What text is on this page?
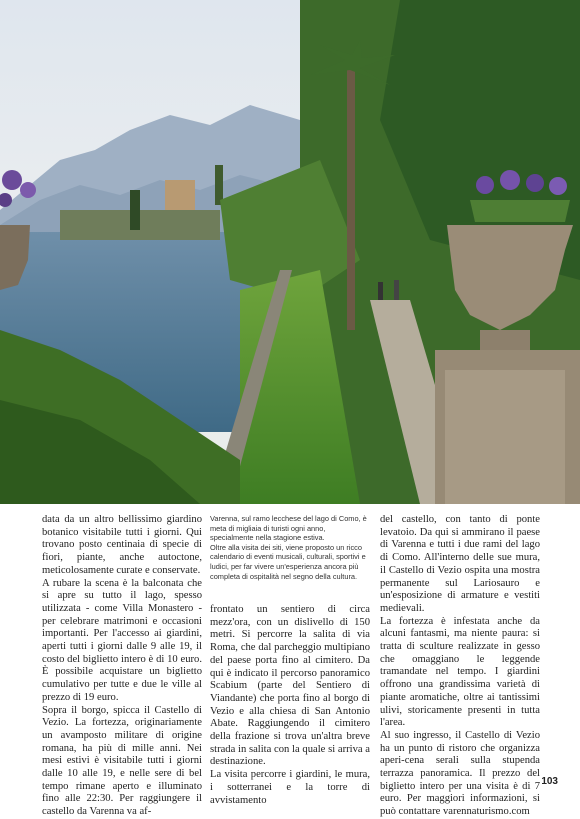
data da un altro bellissimo giardino botanico visitabile tutti i giorni. Qui trovano posto centinaia di specie di fiori, piante, anche autoctone, meticolosamente curate e conservate.

A rubare la scena è la balconata che si apre su tutto il lago, spesso utilizzata - come Villa Monastero - per celebrare matrimoni e occasioni importanti. Per l'accesso ai giardini, aperti tutti i giorni dalle 9 alle 19, il costo del biglietto intero è di 10 euro. È possibile acquistare un biglietto cumulativo per tutte e due le ville al prezzo di 19 euro.

Sopra il borgo, spicca il Castello di Vezio. La fortezza, originariamente un avamposto militare di origine romana, ha più di mille anni. Nei mesi estivi è visitabile tutti i giorni dalle 10 alle 19, e nelle sere di bel tempo rimane aperto e illuminato fino alle 22:30. Per raggiungere il castello da Varenna va af-

Varenna, sul ramo lecchese del lago di Como, è meta di migliaia di turisti ogni anno, specialmente nella stagione estiva.

Oltre alla visita dei siti, viene proposto un ricco calendario di eventi musicali, culturali, sportivi e ludici, per far vivere un'esperienza ancora più completa di ospitalità nel segno della cultura.

frontato un sentiero di circa mezz'ora, con un dislivello di 150 metri. Si percorre la salita di via Roma, che dal parcheggio multipiano del paese porta fino al cimitero. Da qui è indicato il percorso panoramico Scabium (parte del Sentiero di Viandante) che porta fino al borgo di Vezio e alla chiesa di San Antonio Abate. Raggiungendo il cimitero della frazione si trova un'altra breve strada in salita con la quale si arriva a destinazione.

La visita percorre i giardini, le mura, i sotterranei e la torre di avvistamento

del castello, con tanto di ponte levatoio. Da qui si ammirano il paese di Varenna e tutti i due rami del lago di Como. All'interno delle sue mura, il Castello di Vezio ospita una mostra permanente sul Lariosauro e un'esposizione di armature e vestiti medievali.

La fortezza è infestata anche da alcuni fantasmi, ma niente paura: si tratta di sculture realizzate in gesso che omaggiano le leggende tramandate nel tempo. I giardini offrono una grandissima varietà di piante aromatiche, oltre ai tantissimi ulivi, storicamente presenti in tutta l'area.

Al suo ingresso, il Castello di Vezio ha un punto di ristoro che organizza aperi-cena serali sulla stupenda terrazza panoramica. Il prezzo del biglietto intero per una visita è di 7 euro. Per maggiori informazioni, si può contattare varennaturismo.com

103
